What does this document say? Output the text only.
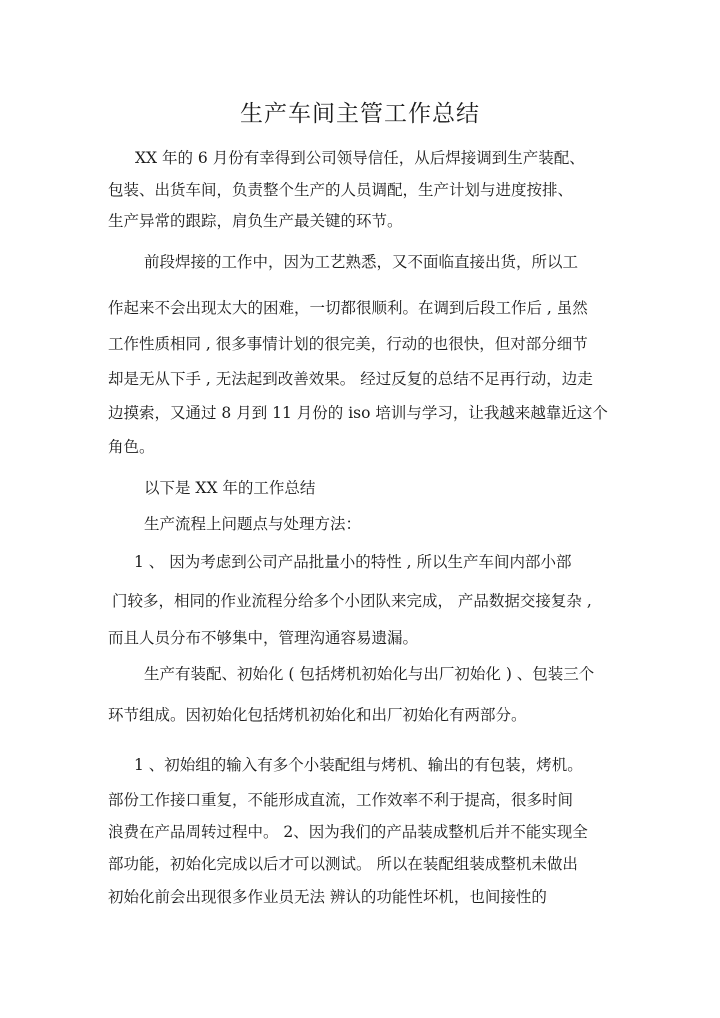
生产车间主管工作总结
XX 年的 6 月份有幸得到公司领导信任，从后焊接调到生产装配、
包装、出货车间，负责整个生产的人员调配，生产计划与进度按排、
生产异常的跟踪，肩负生产最关键的环节。
前段焊接的工作中，因为工艺熟悉，又不面临直接出货，所以工
作起来不会出现太大的困难，一切都很顺利。在调到后段工作后 , 虽然
工作性质相同 , 很多事情计划的很完美，行动的也很快，但对部分细节
却是无从下手 , 无法起到改善效果。 经过反复的总结不足再行动，边走
边摸索，又通过 8 月到 11 月份的 iso 培训与学习，让我越来越靠近这个
角色。
以下是 XX 年的工作总结
生产流程上问题点与处理方法：
1 、 因为考虑到公司产品批量小的特性 , 所以生产车间内部小部
门较多，相同的作业流程分给多个小团队来完成， 产品数据交接复杂 ,
而且人员分布不够集中，管理沟通容易遗漏。
生产有装配、初始化 ( 包括烤机初始化与出厂初始化 ) 、包装三个
环节组成。因初始化包括烤机初始化和出厂初始化有两部分。
1 、初始组的输入有多个小装配组与烤机、输出的有包装，烤机。
部份工作接口重复，不能形成直流，工作效率不利于提高，很多时间
浪费在产品周转过程中。 2、因为我们的产品装成整机后并不能实现全
部功能，初始化完成以后才可以测试。 所以在装配组装成整机未做出
初始化前会出现很多作业员无法 辨认的功能性坏机，也间接性的
